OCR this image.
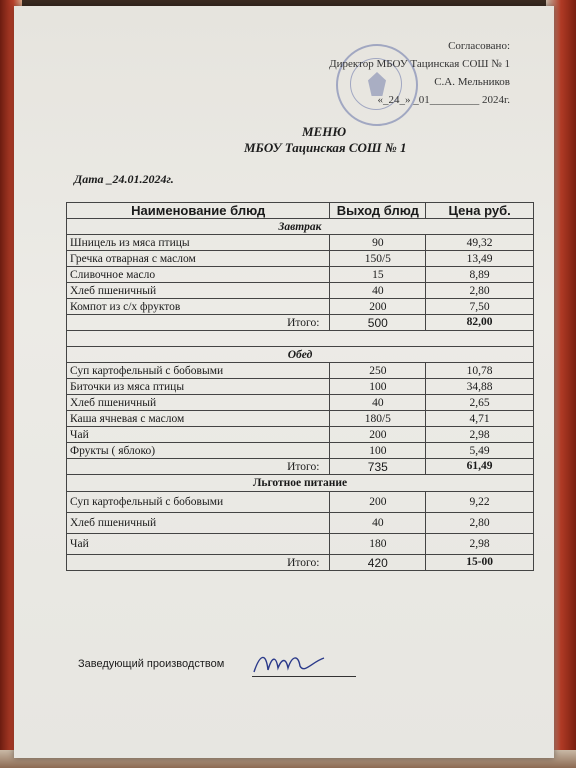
Согласовано:
Директор МБОУ Тацинская СОШ № 1
С.А. Мельников
«_24_» _01_________ 2024г.
МЕНЮ
МБОУ Тацинская СОШ № 1
Дата _24.01.2024г.
Наименование блюд	Выход блюд	Цена руб.
Завтрак		
Шницель из мяса птицы	90	49,32
Гречка отварная с маслом	150/5	13,49
Сливочное масло	15	8,89
Хлеб пшеничный	40	2,80
Компот из с/х фруктов	200	7,50
Итого:	500	82,00

Обед		
Суп картофельный с бобовыми	250	10,78
Биточки из мяса птицы	100	34,88
Хлеб пшеничный	40	2,65
Каша ячневая с маслом	180/5	4,71
Чай	200	2,98
Фрукты ( яблоко)	100	5,49
Итого:	735	61,49
Льготное питание		
Суп картофельный с бобовыми	200	9,22
Хлеб пшеничный	40	2,80
Чай	180	2,98
Итого:	420	15-00
Заведующий производством
